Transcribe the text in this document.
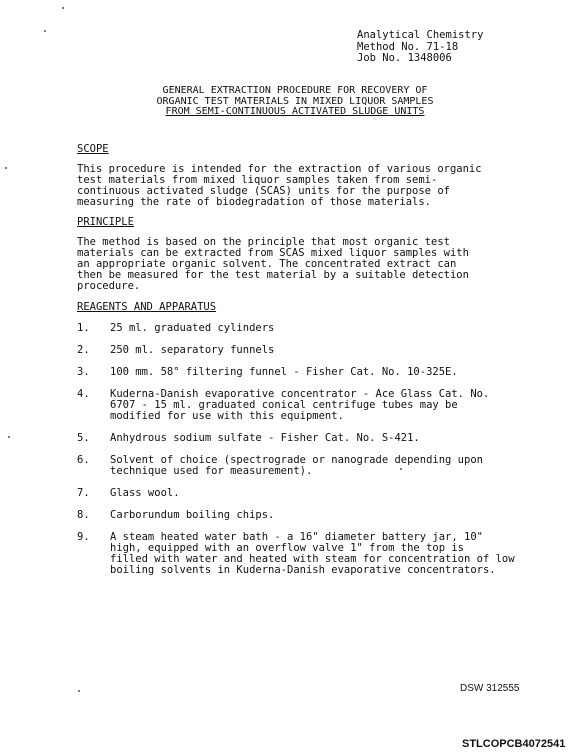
Analytical Chemistry
Method No. 71-18
Job No. 1348006
GENERAL EXTRACTION PROCEDURE FOR RECOVERY OF
ORGANIC TEST MATERIALS IN MIXED LIQUOR SAMPLES
FROM SEMI-CONTINUOUS ACTIVATED SLUDGE UNITS
SCOPE
This procedure is intended for the extraction of various organic
test materials from mixed liquor samples taken from semi-
continuous activated sludge (SCAS) units for the purpose of
measuring the rate of biodegradation of those materials.
PRINCIPLE
The method is based on the principle that most organic test
materials can be extracted from SCAS mixed liquor samples with
an appropriate organic solvent. The concentrated extract can
then be measured for the test material by a suitable detection
procedure.
REAGENTS AND APPARATUS
1. 25 ml. graduated cylinders
2. 250 ml. separatory funnels
3. 100 mm. 58° filtering funnel - Fisher Cat. No. 10-325E.
4. Kuderna-Danish evaporative concentrator - Ace Glass Cat. No.
6707 - 15 ml. graduated conical centrifuge tubes may be
modified for use with this equipment.
5. Anhydrous sodium sulfate - Fisher Cat. No. S-421.
6. Solvent of choice (spectrograde or nanograde depending upon
technique used for measurement).
7. Glass wool.
8. Carborundum boiling chips.
9. A steam heated water bath - a 16" diameter battery jar, 10"
high, equipped with an overflow valve 1" from the top is
filled with water and heated with steam for concentration of low
boiling solvents in Kuderna-Danish evaporative concentrators.
DSW 312555
STLCOPCB4072541
